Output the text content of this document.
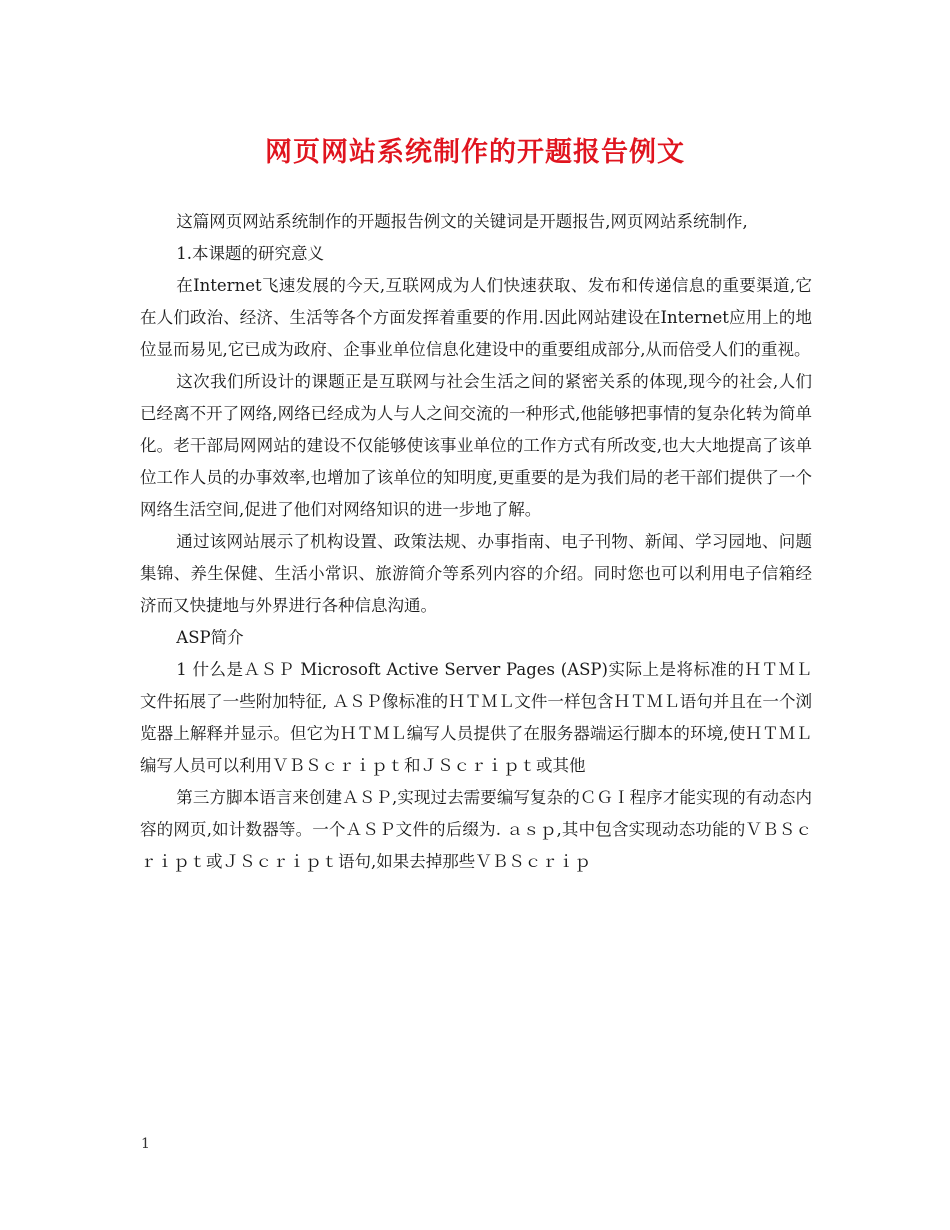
网页网站系统制作的开题报告例文

这篇网页网站系统制作的开题报告例文的关键词是开题报告,网页网站系统制作,

1.本课题的研究意义

在Internet飞速发展的今天,互联网成为人们快速获取、发布和传递信息的重要渠道,它在人们政治、经济、生活等各个方面发挥着重要的作用.因此网站建设在Internet应用上的地位显而易见,它已成为政府、企事业单位信息化建设中的重要组成部分,从而倍受人们的重视。

这次我们所设计的课题正是互联网与社会生活之间的紧密关系的体现,现今的社会,人们已经离不开了网络,网络已经成为人与人之间交流的一种形式,他能够把事情的复杂化转为简单化。老干部局网网站的建设不仅能够使该事业单位的工作方式有所改变,也大大地提高了该单位工作人员的办事效率,也增加了该单位的知明度,更重要的是为我们局的老干部们提供了一个网络生活空间,促进了他们对网络知识的进一步地了解。

通过该网站展示了机构设置、政策法规、办事指南、电子刊物、新闻、学习园地、问题集锦、养生保健、生活小常识、旅游简介等系列内容的介绍。同时您也可以利用电子信箱经济而又快捷地与外界进行各种信息沟通。

ASP简介

1 什么是ＡＳＰ Microsoft Active Server Pages (ASP)实际上是将标准的ＨＴＭＬ文件拓展了一些附加特征, ＡＳＰ像标准的ＨＴＭＬ文件一样包含ＨＴＭＬ语句并且在一个浏览器上解释并显示。但它为ＨＴＭＬ编写人员提供了在服务器端运行脚本的环境,使ＨＴＭＬ编写人员可以利用ＶＢＳｃｒｉｐｔ和ＪＳｃｒｉｐｔ或其他

第三方脚本语言来创建ＡＳＰ,实现过去需要编写复杂的ＣＧＩ程序才能实现的有动态内容的网页,如计数器等。一个ＡＳＰ文件的后缀为. ａｓｐ,其中包含实现动态功能的ＶＢＳｃｒｉｐｔ或ＪＳｃｒｉｐｔ语句,如果去掉那些ＶＢＳｃｒｉｐ

1
